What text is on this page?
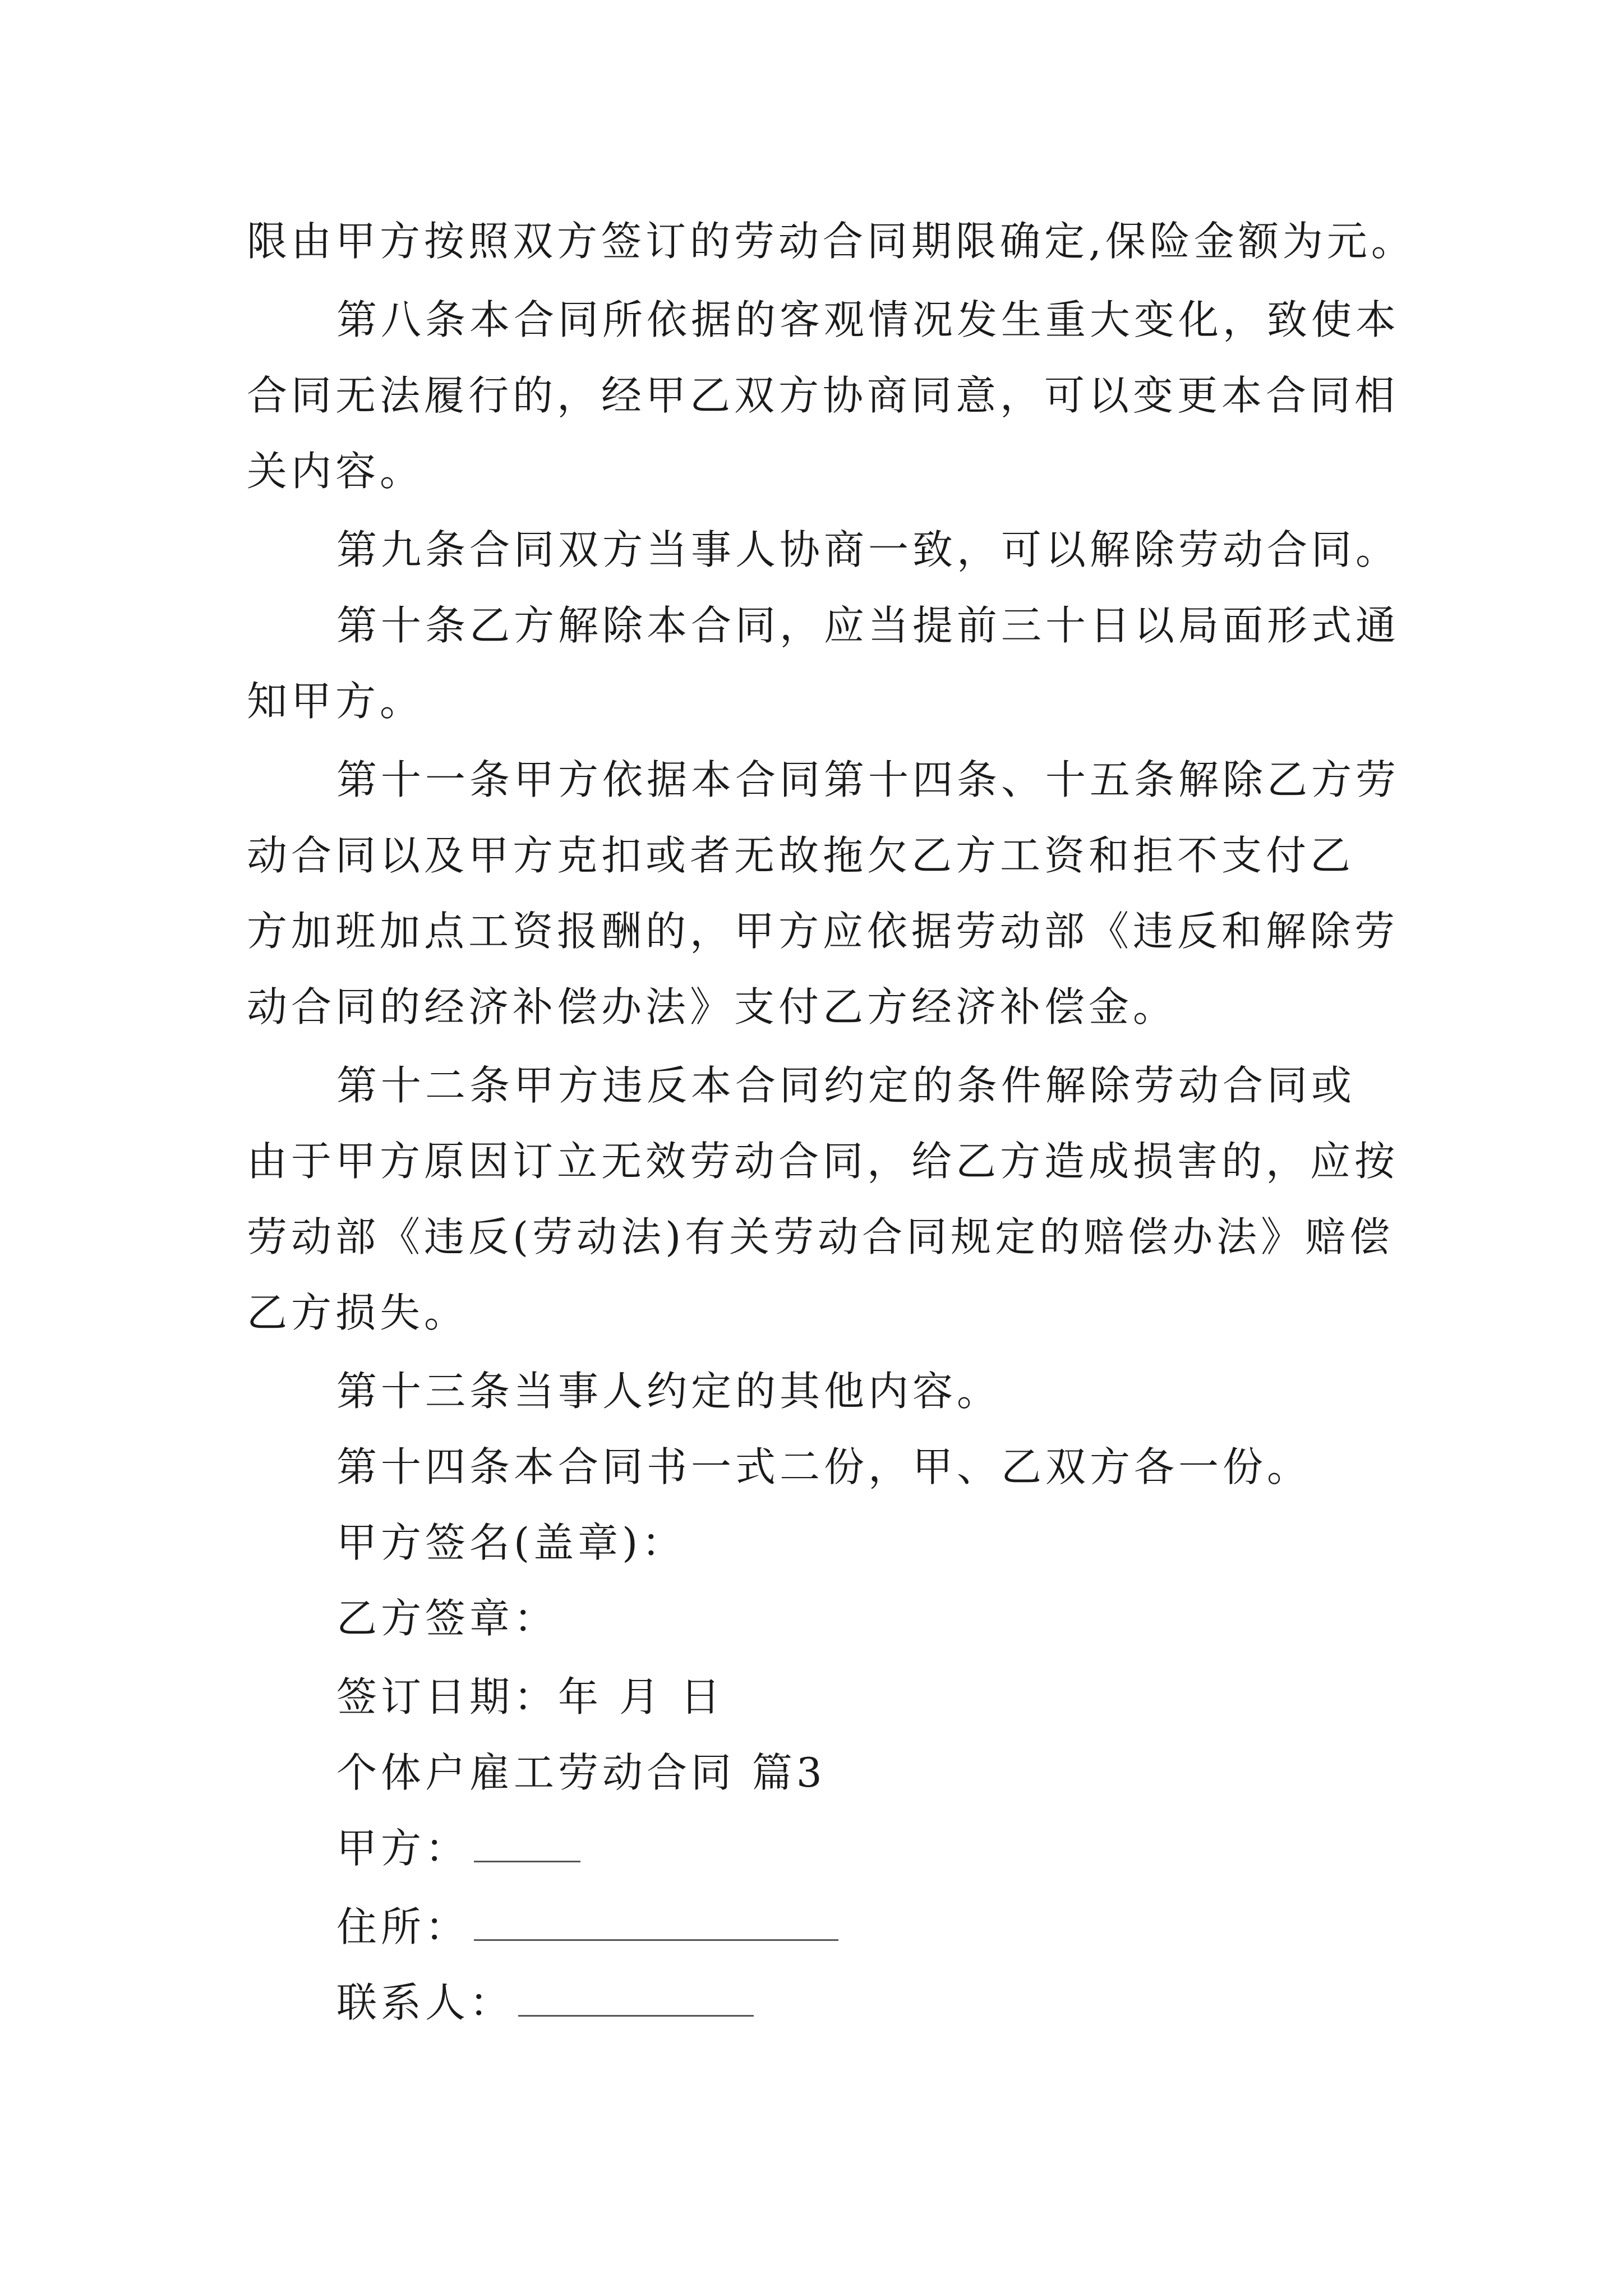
限由甲方按照双方签订的劳动合同期限确定,保险金额为元。
第八条本合同所依据的客观情况发生重大变化，致使本
合同无法履行的，经甲乙双方协商同意，可以变更本合同相
关内容。
第九条合同双方当事人协商一致，可以解除劳动合同。
第十条乙方解除本合同，应当提前三十日以局面形式通
知甲方。
第十一条甲方依据本合同第十四条、十五条解除乙方劳
动合同以及甲方克扣或者无故拖欠乙方工资和拒不支付乙
方加班加点工资报酬的，甲方应依据劳动部《违反和解除劳
动合同的经济补偿办法》支付乙方经济补偿金。
第十二条甲方违反本合同约定的条件解除劳动合同或
由于甲方原因订立无效劳动合同，给乙方造成损害的，应按
劳动部《违反(劳动法)有关劳动合同规定的赔偿办法》赔偿
乙方损失。
第十三条当事人约定的其他内容。
第十四条本合同书一式二份，甲、乙双方各一份。
甲方签名(盖章)：
乙方签章：
签订日期：年 月 日
个体户雇工劳动合同 篇3
甲方：
住所：
联系人：
